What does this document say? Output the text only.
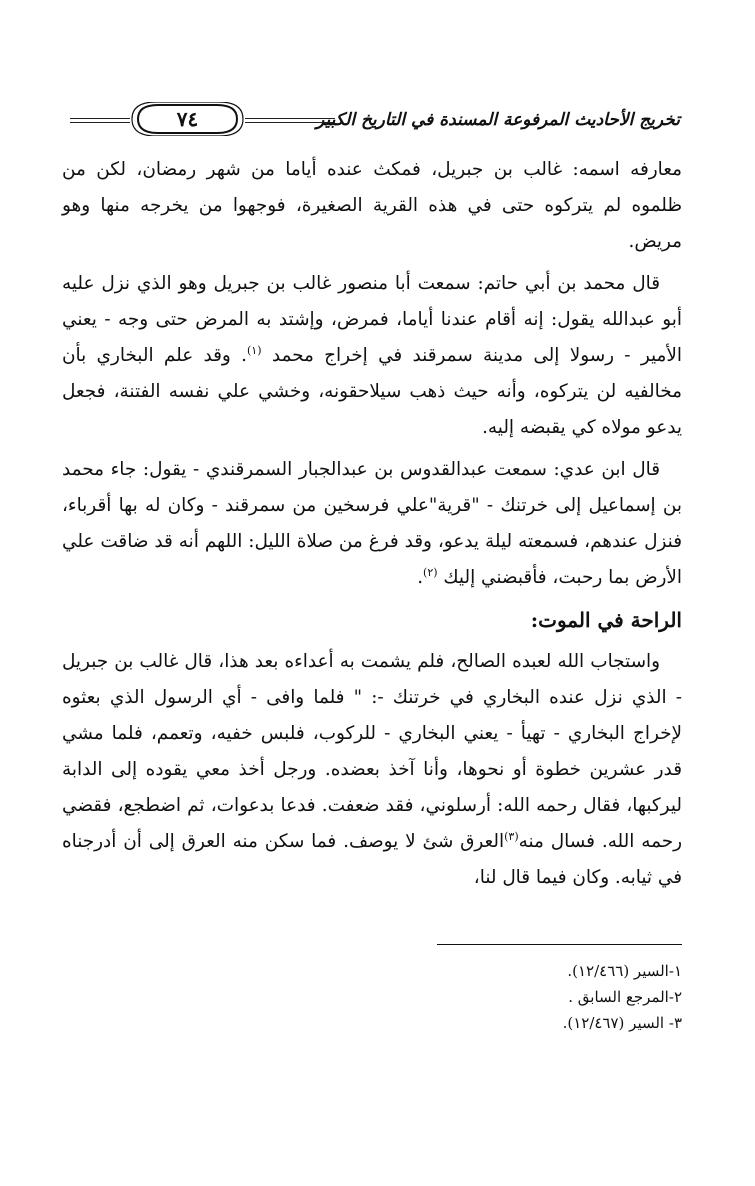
تخريج الأحاديث المرفوعة المسندة في التاريخ الكبير
٧٤

معارفه اسمه: غالب بن جبريل، فمكث عنده أياما من شهر رمضان، لكن من ظلموه لم يتركوه حتى في هذه القرية الصغيرة، فوجهوا من يخرجه منها وهو مريض.

قال محمد بن أبي حاتم: سمعت أبا منصور غالب بن جبريل وهو الذي نزل عليه أبو عبدالله يقول: إنه أقام عندنا أياما، فمرض، وإشتد به المرض حتى وجه - يعني الأمير - رسولا إلى مدينة سمرقند في إخراج محمد $^{(١)}$. وقد علم البخاري بأن مخالفيه لن يتركوه، وأنه حيث ذهب سيلاحقونه، وخشي علي نفسه الفتنة، فجعل يدعو مولاه كي يقبضه إليه.

قال ابن عدي: سمعت عبدالقدوس بن عبدالجبار السمرقندي - يقول: جاء محمد بن إسماعيل إلى خرتنك - "قرية"علي فرسخين من سمرقند - وكان له بها أقرباء، فنزل عندهم، فسمعته ليلة يدعو، وقد فرغ من صلاة الليل: اللهم أنه قد ضاقت علي الأرض بما رحبت، فأقبضني إليك $^{(٢)}$.

الراحة في الموت:

واستجاب الله لعبده الصالح، فلم يشمت به أعداءه بعد هذا، قال غالب بن جبريل - الذي نزل عنده البخاري في خرتنك -: " فلما وافى - أي الرسول الذي بعثوه لإخراج البخاري - تهيأ - يعني البخاري - للركوب، فلبس خفيه، وتعمم، فلما مشي قدر عشرين خطوة أو نحوها، وأنا آخذ بعضده. ورجل أخذ معي يقوده إلى الدابة ليركبها، فقال رحمه الله: أرسلوني، فقد ضعفت. فدعا بدعوات، ثم اضطجع، فقضي رحمه الله. فسال منه$^{(٣)}$العرق شئ لا يوصف. فما سكن منه العرق إلى أن أدرجناه في ثيابه. وكان فيما قال لنا،

١-السير (١٢/٤٦٦).
٢-المرجع السابق .
٣- السير (١٢/٤٦٧).
